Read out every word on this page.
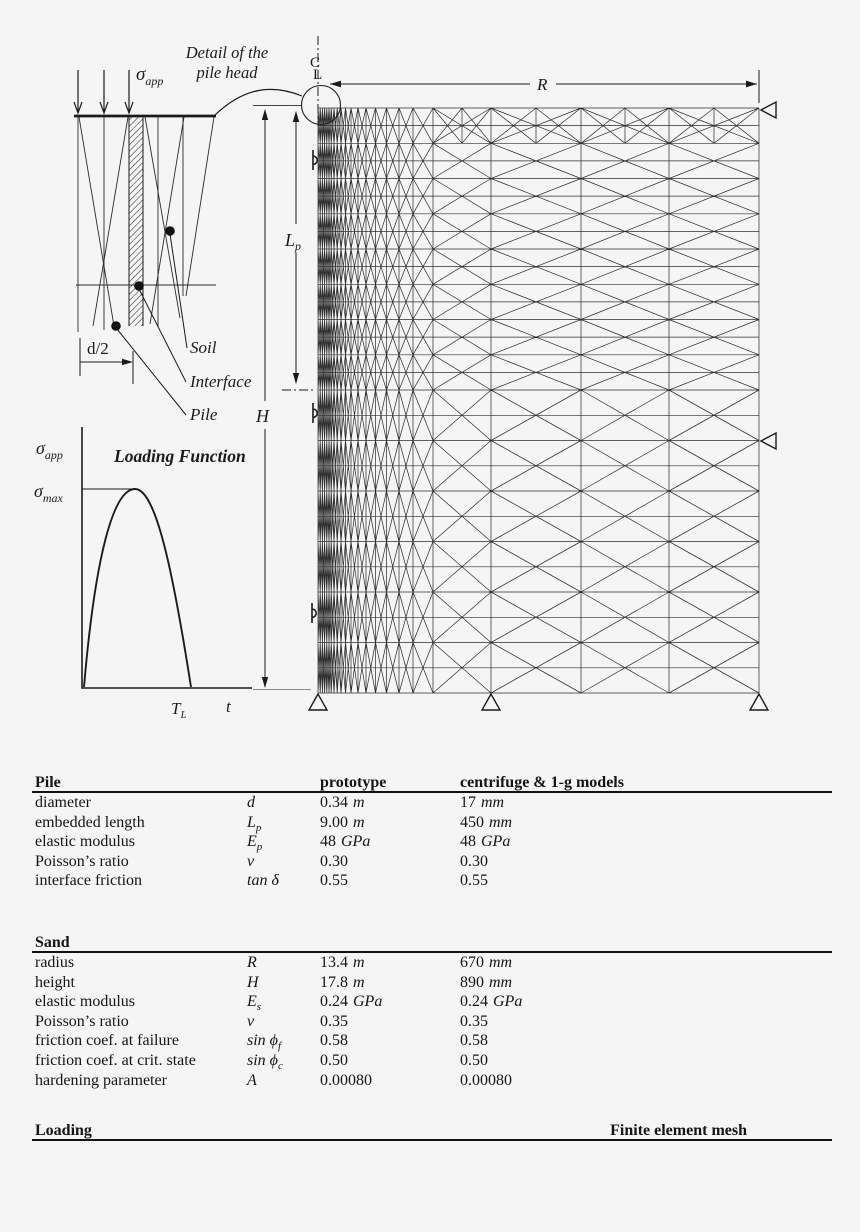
C
L	R
$L_p$
H
Detail of the
pile head
$\sigma_{app}$
Soil
Interface
Pile
d/2
$\sigma_{app}$
$\sigma_{max}$
Loading Function
$T_L$ t
Pile	prototype	centrifuge & 1-g models
diameter	d	0.34 m	17 mm
embedded length	$L_p$	9.00 m	450 mm
elastic modulus	$E_p$	48 GPa	48 GPa
Poisson’s ratio	ν	0.30	0.30
interface friction	tan δ	0.55	0.55
Sand
radius	R	13.4 m	670 mm
height	H	17.8 m	890 mm
elastic modulus	$E_s$	0.24 GPa	0.24 GPa
Poisson’s ratio	ν	0.35	0.35
friction coef. at failure	$\sin \phi_f$	0.58	0.58
friction coef. at crit. state	$\sin \phi_c$	0.50	0.50
hardening parameter	A	0.00080	0.00080
Loading	Finite element mesh
